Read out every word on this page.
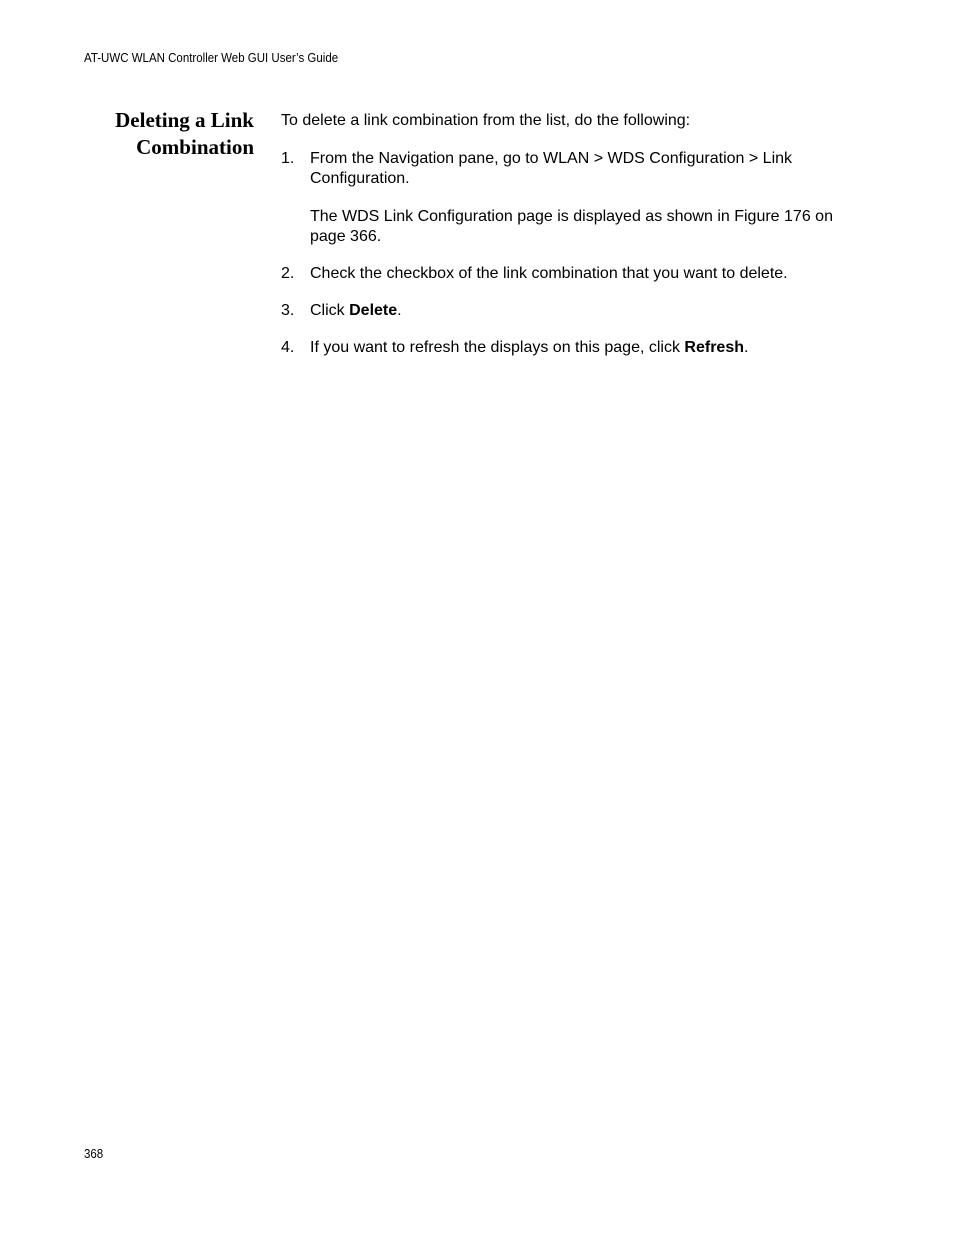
AT-UWC WLAN Controller Web GUI User’s Guide
Deleting a Link
Combination

To delete a link combination from the list, do the following:

1. From the Navigation pane, go to WLAN > WDS Configuration > Link Configuration.

The WDS Link Configuration page is displayed as shown in Figure 176 on page 366.

2. Check the checkbox of the link combination that you want to delete.

3. Click Delete.

4. If you want to refresh the displays on this page, click Refresh.

368
